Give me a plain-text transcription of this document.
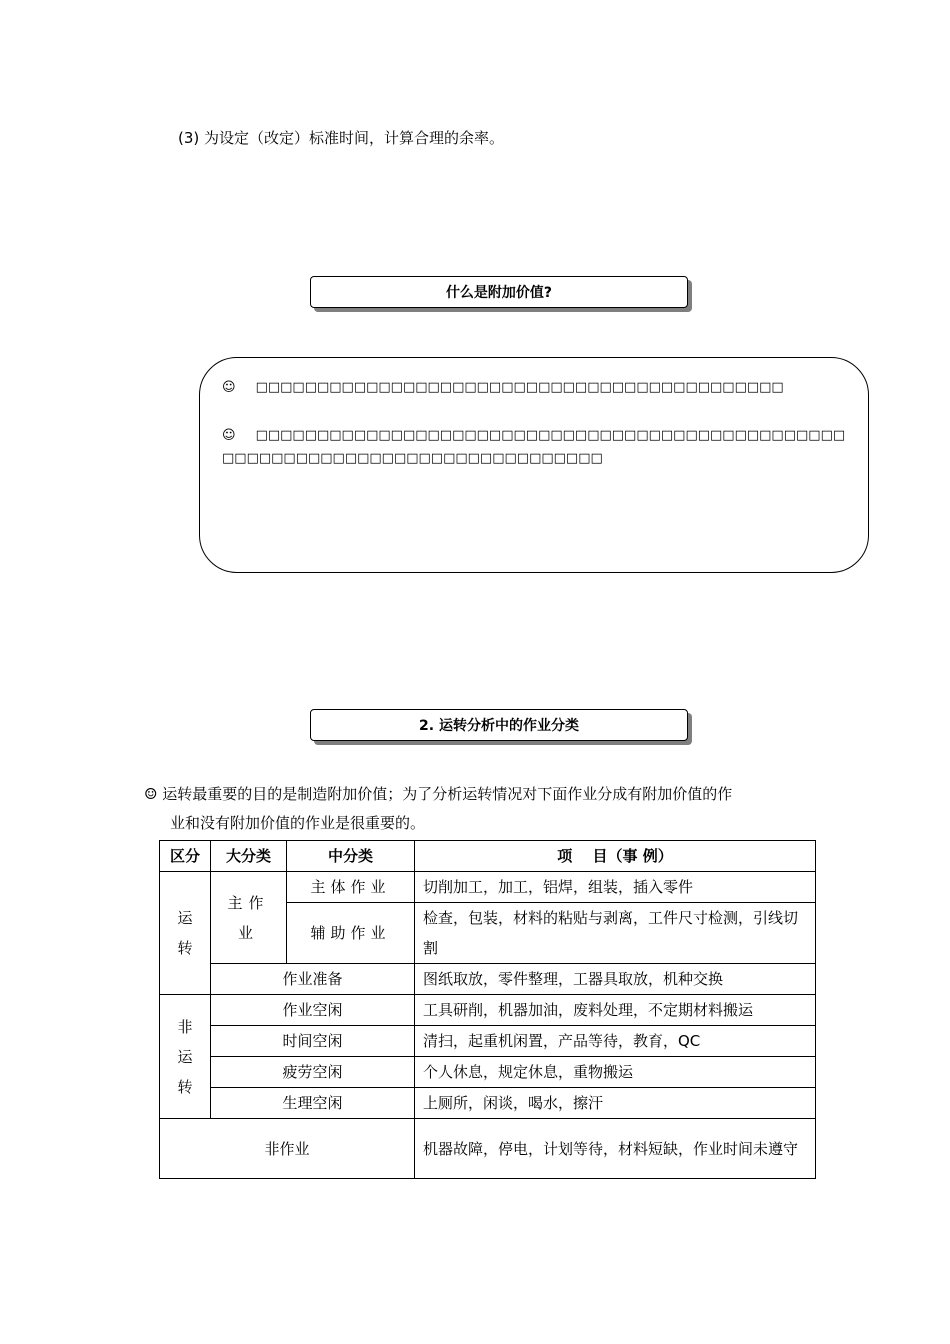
(3) 为设定（改定）标准时间，计算合理的余率。
什么是附加价值?

☺ □□□□□□□□□□□□□□□□□□□□□□□□□□□□□□□□□□□□□□□□□□□

☺ □□□□□□□□□□□□□□□□□□□□□□□□□□□□□□□□□□□□□□□□□□□□□□□□□□□□□□□□□□□□□□□□□□□□□□□□□□□□□□□

2. 运转分析中的作业分类
☺ 运转最重要的目的是制造附加价值；为了分析运转情况对下面作业分成有附加价值的作
业和没有附加价值的作业是很重要的。
区分	大分类	中分类	项　 目（事 例）

运转	主作业	主体作业	切削加工，加工，铝焊，组装，插入零件
		辅助作业	检查，包装，材料的粘贴与剥离，工件尺寸检测，引线切割

	作业准备		图纸取放，零件整理，工器具取放，机种交换

非运转	作业空闲		工具研削，机器加油，废料处理，不定期材料搬运
	时间空闲		清扫，起重机闲置，产品等待，教育，QC
	疲劳空闲		个人休息，规定休息，重物搬运
	生理空闲		上厕所，闲谈，喝水，擦汗
非作业			机器故障，停电，计划等待，材料短缺，作业时间未遵守
